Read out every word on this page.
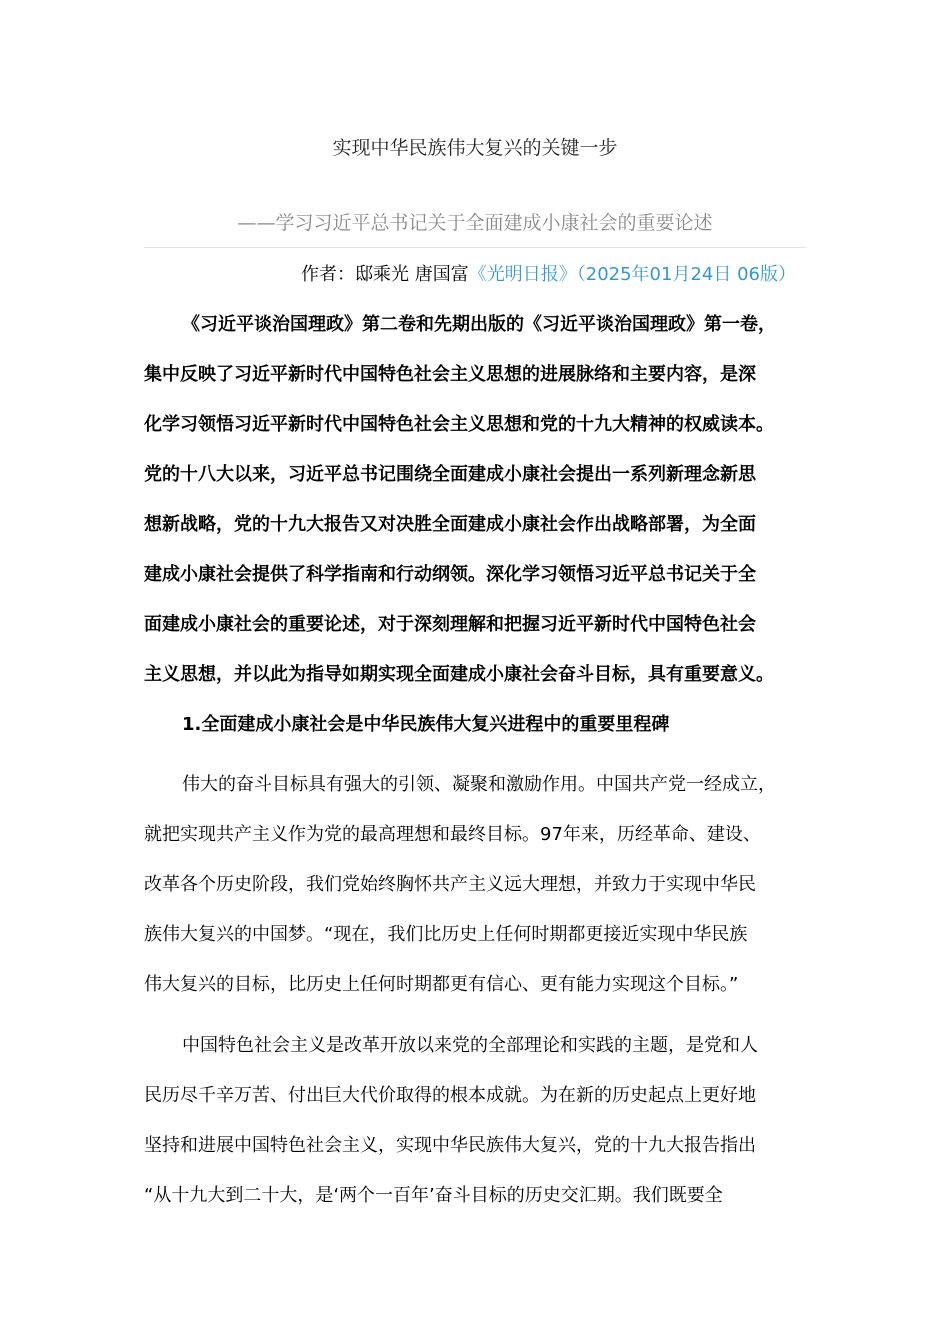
实现中华民族伟大复兴的关键一步
——学习习近平总书记关于全面建成小康社会的重要论述
作者：邸乘光 唐国富《光明日报》（2025年01月24日 06版）
《习近平谈治国理政》第二卷和先期出版的《习近平谈治国理政》第一卷，
集中反映了习近平新时代中国特色社会主义思想的进展脉络和主要内容，是深
化学习领悟习近平新时代中国特色社会主义思想和党的十九大精神的权威读本。
党的十八大以来，习近平总书记围绕全面建成小康社会提出一系列新理念新思
想新战略，党的十九大报告又对决胜全面建成小康社会作出战略部署，为全面
建成小康社会提供了科学指南和行动纲领。深化学习领悟习近平总书记关于全
面建成小康社会的重要论述，对于深刻理解和把握习近平新时代中国特色社会
主义思想，并以此为指导如期实现全面建成小康社会奋斗目标，具有重要意义。
1.全面建成小康社会是中华民族伟大复兴进程中的重要里程碑
伟大的奋斗目标具有强大的引领、凝聚和激励作用。中国共产党一经成立，
就把实现共产主义作为党的最高理想和最终目标。97年来，历经革命、建设、
改革各个历史阶段，我们党始终胸怀共产主义远大理想，并致力于实现中华民
族伟大复兴的中国梦。“现在，我们比历史上任何时期都更接近实现中华民族
伟大复兴的目标，比历史上任何时期都更有信心、更有能力实现这个目标。”
中国特色社会主义是改革开放以来党的全部理论和实践的主题，是党和人
民历尽千辛万苦、付出巨大代价取得的根本成就。为在新的历史起点上更好地
坚持和进展中国特色社会主义，实现中华民族伟大复兴，党的十九大报告指出
“从十九大到二十大，是‘两个一百年’奋斗目标的历史交汇期。我们既要全
